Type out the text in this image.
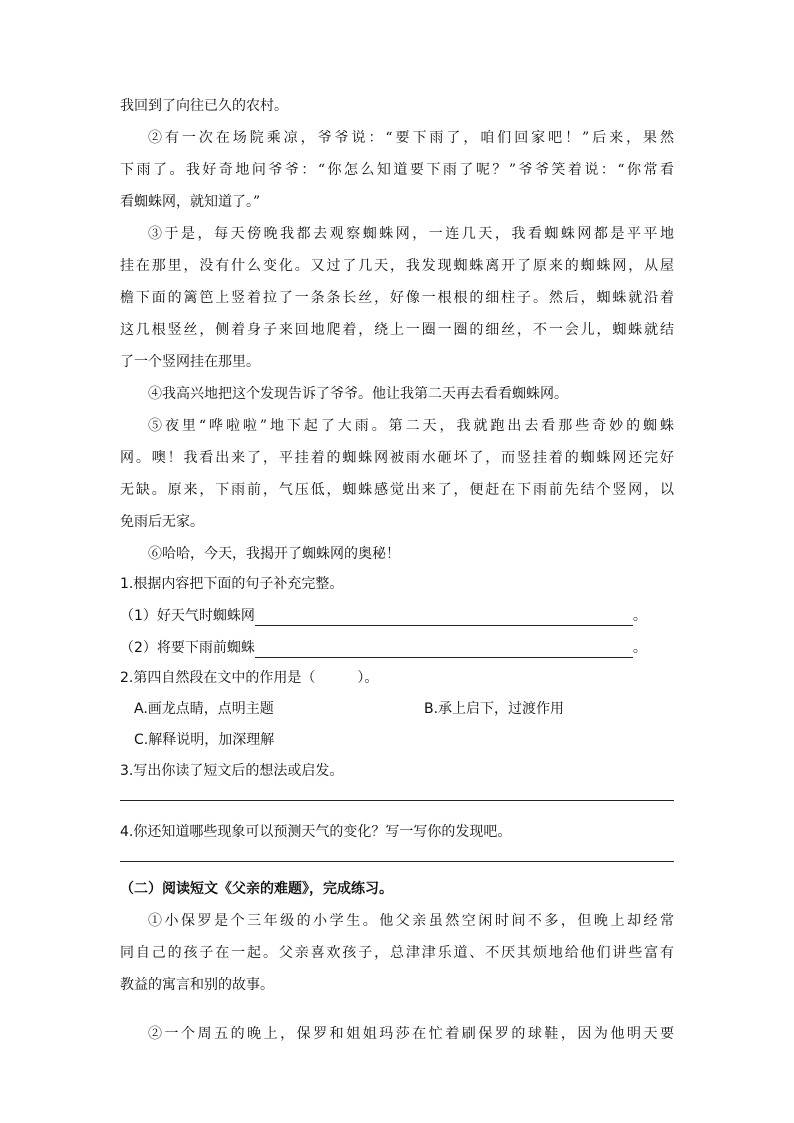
我回到了向往已久的农村。
②有一次在场院乘凉，爷爷说：“要下雨了，咱们回家吧！”后来，果然
下雨了。我好奇地问爷爷：“你怎么知道要下雨了呢？”爷爷笑着说：“你常看
看蜘蛛网，就知道了。”
③于是，每天傍晚我都去观察蜘蛛网，一连几天，我看蜘蛛网都是平平地
挂在那里，没有什么变化。又过了几天，我发现蜘蛛离开了原来的蜘蛛网，从屋
檐下面的篱笆上竖着拉了一条条长丝，好像一根根的细柱子。然后，蜘蛛就沿着
这几根竖丝，侧着身子来回地爬着，绕上一圈一圈的细丝，不一会儿，蜘蛛就结
了一个竖网挂在那里。
④我高兴地把这个发现告诉了爷爷。他让我第二天再去看看蜘蛛网。
⑤夜里“哗啦啦”地下起了大雨。第二天，我就跑出去看那些奇妙的蜘蛛
网。噢！我看出来了，平挂着的蜘蛛网被雨水砸坏了，而竖挂着的蜘蛛网还完好
无缺。原来，下雨前，气压低，蜘蛛感觉出来了，便赶在下雨前先结个竖网，以
免雨后无家。
⑥哈哈，今天，我揭开了蜘蛛网的奥秘！
1.根据内容把下面的句子补充完整。
（1）好天气时蜘蛛网	。
（2）将要下雨前蜘蛛	。
2.第四自然段在文中的作用是（　　　）。
A.画龙点睛，点明主题	B.承上启下，过渡作用
C.解释说明，加深理解
3.写出你读了短文后的想法或启发。
4.你还知道哪些现象可以预测天气的变化？写一写你的发现吧。
（二）阅读短文《父亲的难题》，完成练习。
①小保罗是个三年级的小学生。他父亲虽然空闲时间不多，但晚上却经常
同自己的孩子在一起。父亲喜欢孩子，总津津乐道、不厌其烦地给他们讲些富有
教益的寓言和别的故事。
②一个周五的晚上，保罗和姐姐玛莎在忙着刷保罗的球鞋，因为他明天要
